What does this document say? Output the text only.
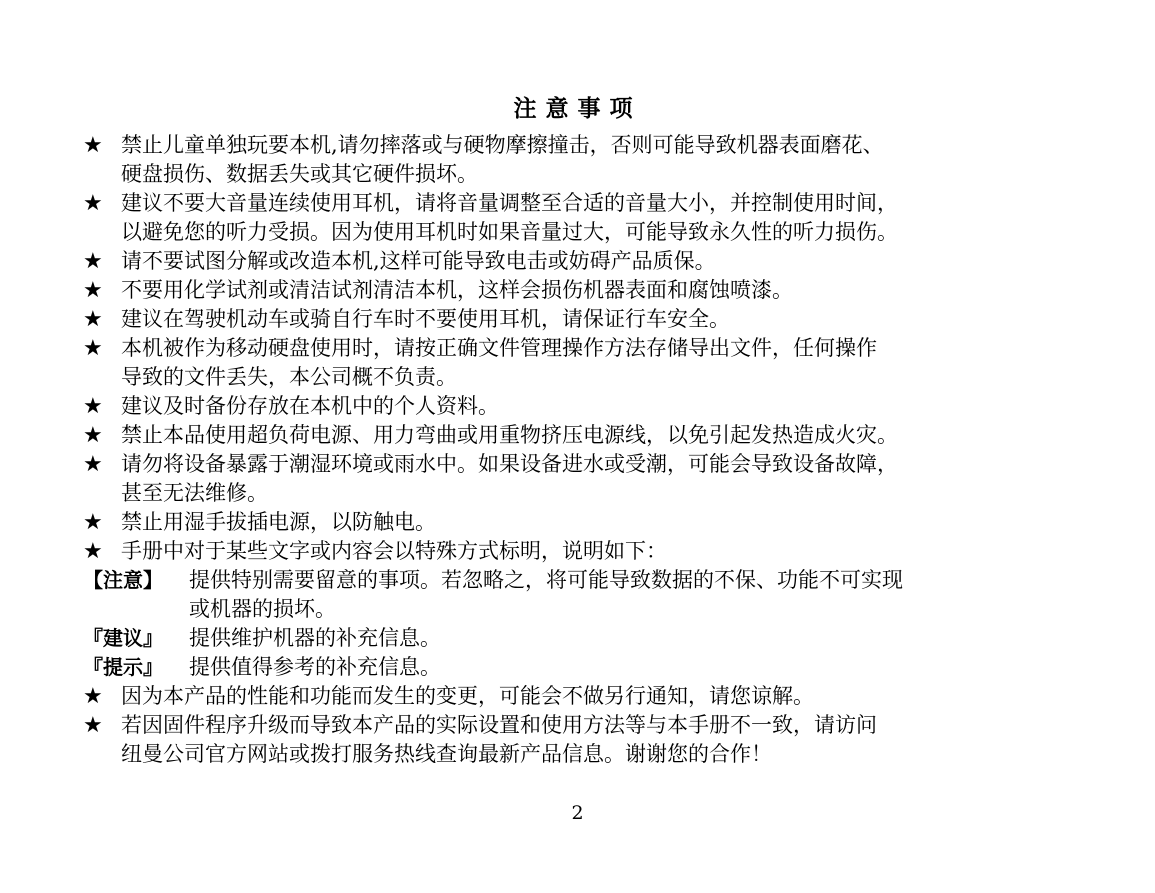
注意事项
★ 禁止儿童单独玩要本机,请勿摔落或与硬物摩擦撞击，否则可能导致机器表面磨花、
硬盘损伤、数据丢失或其它硬件损坏。
★ 建议不要大音量连续使用耳机，请将音量调整至合适的音量大小，并控制使用时间，
以避免您的听力受损。因为使用耳机时如果音量过大，可能导致永久性的听力损伤。
★ 请不要试图分解或改造本机,这样可能导致电击或妨碍产品质保。
★ 不要用化学试剂或清洁试剂清洁本机，这样会损伤机器表面和腐蚀喷漆。
★ 建议在驾驶机动车或骑自行车时不要使用耳机，请保证行车安全。
★ 本机被作为移动硬盘使用时，请按正确文件管理操作方法存储导出文件，任何操作
导致的文件丢失，本公司概不负责。
★ 建议及时备份存放在本机中的个人资料。
★ 禁止本品使用超负荷电源、用力弯曲或用重物挤压电源线，以免引起发热造成火灾。
★ 请勿将设备暴露于潮湿环境或雨水中。如果设备进水或受潮，可能会导致设备故障，
甚至无法维修。
★ 禁止用湿手拔插电源，以防触电。
★ 手册中对于某些文字或内容会以特殊方式标明，说明如下：
【注意】	提供特别需要留意的事项。若忽略之，将可能导致数据的不保、功能不可实现
或机器的损坏。
『建议』	提供维护机器的补充信息。
『提示』	提供值得参考的补充信息。
★ 因为本产品的性能和功能而发生的变更，可能会不做另行通知，请您谅解。
★ 若因固件程序升级而导致本产品的实际设置和使用方法等与本手册不一致，请访问
纽曼公司官方网站或拨打服务热线查询最新产品信息。谢谢您的合作！
2
